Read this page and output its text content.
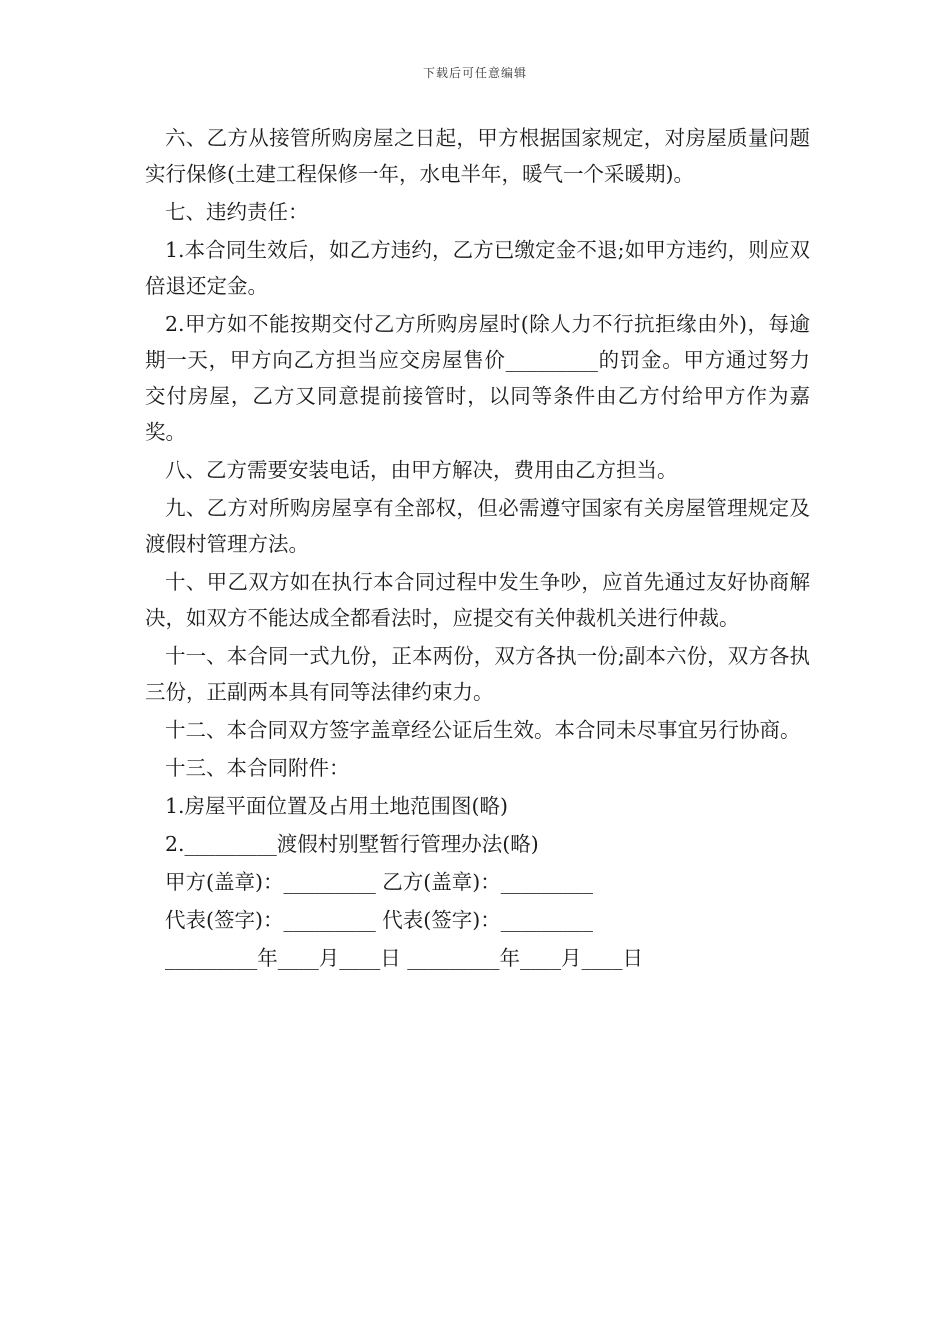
下载后可任意编辑

六、乙方从接管所购房屋之日起，甲方根据国家规定，对房屋质量问题实行保修(土建工程保修一年，水电半年，暖气一个采暖期)。

七、违约责任：

1.本合同生效后，如乙方违约，乙方已缴定金不退;如甲方违约，则应双倍退还定金。

2.甲方如不能按期交付乙方所购房屋时(除人力不行抗拒缘由外)，每逾期一天，甲方向乙方担当应交房屋售价_________的罚金。甲方通过努力交付房屋，乙方又同意提前接管时，以同等条件由乙方付给甲方作为嘉奖。

八、乙方需要安装电话，由甲方解决，费用由乙方担当。

九、乙方对所购房屋享有全部权，但必需遵守国家有关房屋管理规定及渡假村管理方法。

十、甲乙双方如在执行本合同过程中发生争吵，应首先通过友好协商解决，如双方不能达成全都看法时，应提交有关仲裁机关进行仲裁。

十一、本合同一式九份，正本两份，双方各执一份;副本六份，双方各执三份，正副两本具有同等法律约束力。

十二、本合同双方签字盖章经公证后生效。本合同未尽事宜另行协商。

十三、本合同附件：

1.房屋平面位置及占用土地范围图(略)

2._________渡假村别墅暂行管理办法(略)

甲方(盖章)：_________ 乙方(盖章)：_________

代表(签字)：_________ 代表(签字)：_________

_________年____月____日 _________年____月____日
